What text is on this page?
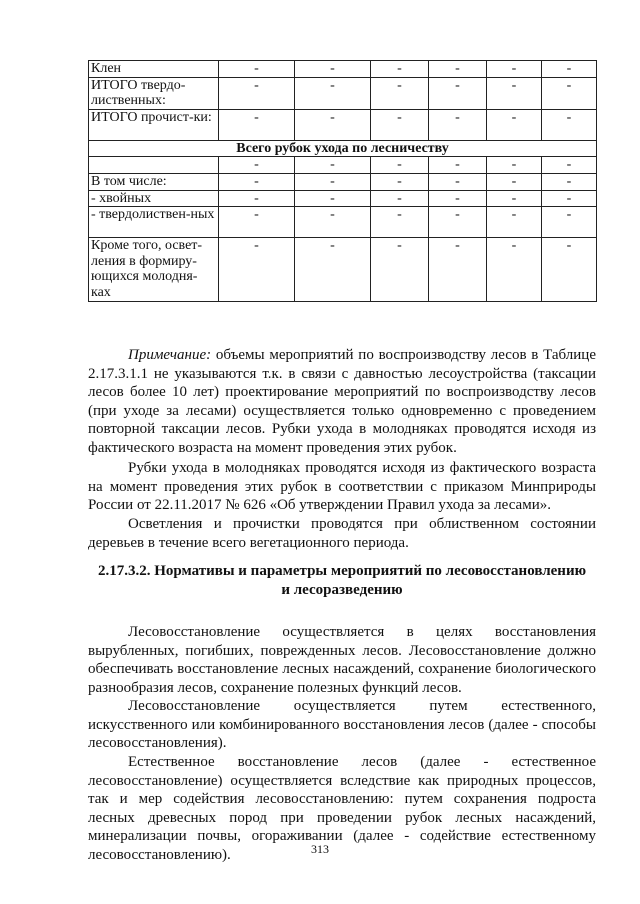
Клен	-	-	-	-	-	-
ИТОГО твердо-лиственных:	-	-	-	-	-	-
ИТОГО прочист-ки:	-	-	-	-	-	-
Всего рубок ухода по лесничеству						
	-	-	-	-	-	-
В том числе:	-	-	-	-	-	-
- хвойных	-	-	-	-	-	-
- твердолиствен-ных	-	-	-	-	-	-
Кроме того, освет-ления в формиру-ющихся молодня-ках	-	-	-	-	-	-

Примечание: объемы мероприятий по воспроизводству лесов в Таблице 2.17.3.1.1 не указываются т.к. в связи с давностью лесоустройства (таксации лесов более 10 лет) проектирование мероприятий по воспроизводству лесов (при уходе за лесами) осуществляется только одновременно с проведением повторной таксации лесов. Рубки ухода в молодняках проводятся исходя из фактического возраста на момент проведения этих рубок.

Рубки ухода в молодняках проводятся исходя из фактического возраста на момент проведения этих рубок в соответствии с приказом Минприроды России от 22.11.2017 № 626 «Об утверждении Правил ухода за лесами».

Осветления и прочистки проводятся при облиственном состоянии деревьев в течение всего вегетационного периода.

2.17.3.2. Нормативы и параметры мероприятий по лесовосстановлению
и лесоразведению

Лесовосстановление осуществляется в целях восстановления вырубленных, погибших, поврежденных лесов. Лесовосстановление должно обеспечивать восстановление лесных насаждений, сохранение биологического разнообразия лесов, сохранение полезных функций лесов.

Лесовосстановление осуществляется путем естественного, искусственного или комбинированного восстановления лесов (далее - способы лесовосстановления).

Естественное восстановление лесов (далее - естественное лесовосстановление) осуществляется вследствие как природных процессов, так и мер содействия лесовосстановлению: путем сохранения подроста лесных древесных пород при проведении рубок лесных насаждений, минерализации почвы, огораживании (далее - содействие естественному лесовосстановлению).	313
